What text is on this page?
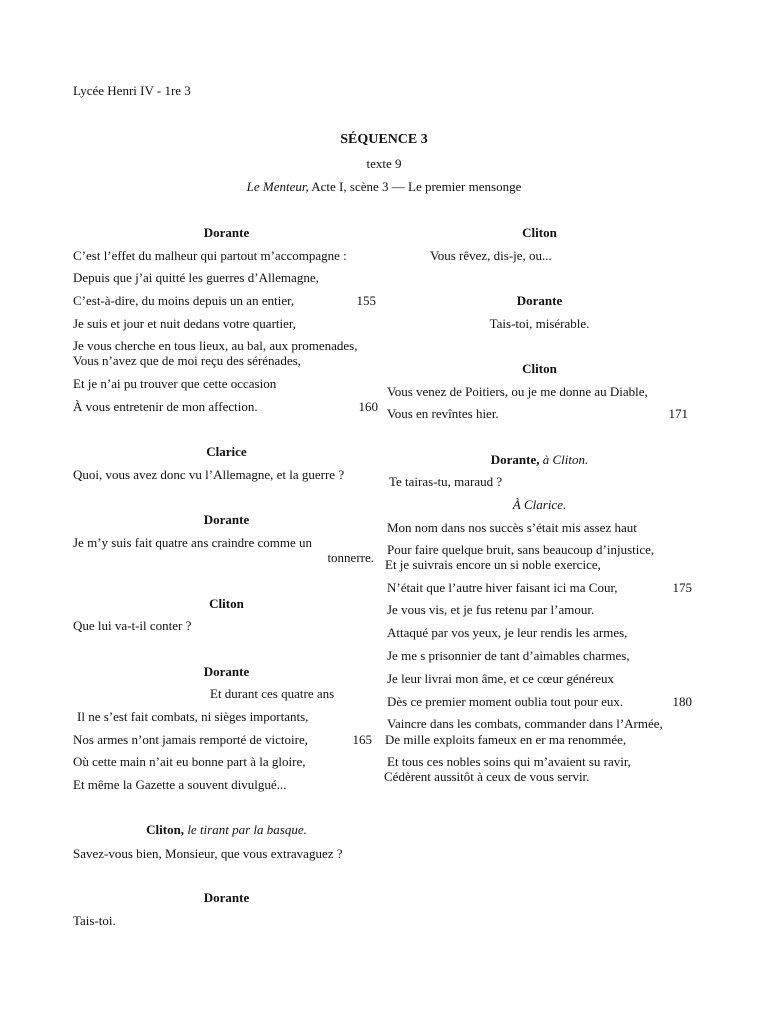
Lycée Henri IV - 1re 3
SÉQUENCE 3
texte 9
Le Menteur, Acte I, scène 3 — Le premier mensonge
Dorante
C’est l’effet du malheur qui partout m’accompagne :
Depuis que j’ai quitté les guerres d’Allemagne,
C’est-à-dire, du moins depuis un an entier,	155
Je suis et jour et nuit dedans votre quartier,
Je vous cherche en tous lieux, au bal, aux promenades,
Vous n’avez que de moi reçu des sérénades,
Et je n’ai pu trouver que cette occasion
À vous entretenir de mon affection.	160
Clarice
Quoi, vous avez donc vu l’Allemagne, et la guerre ?
Dorante
Je m’y suis fait quatre ans craindre comme un
tonnerre.
Cliton
Que lui va-t-il conter ?
Dorante
Et durant ces quatre ans
Il ne s’est fait combats, ni sièges importants,
Nos armes n’ont jamais remporté de victoire,	165
Où cette main n’ait eu bonne part à la gloire,
Et même la Gazette a souvent divulgué...
Cliton, le tirant par la basque.
Savez-vous bien, Monsieur, que vous extravaguez ?
Dorante
Tais-toi.
Cliton
Vous rêvez, dis-je, ou...
Dorante
Tais-toi, misérable.
Cliton
Vous venez de Poitiers, ou je me donne au Diable,
Vous en revîntes hier.	171
Dorante, à Cliton.
Te tairas-tu, maraud ?
À Clarice.
Mon nom dans nos succès s’était mis assez haut
Pour faire quelque bruit, sans beaucoup d’injustice,
Et je suivrais encore un si noble exercice,
N’était que l’autre hiver faisant ici ma Cour,	175
Je vous vis, et je fus retenu par l’amour.
Attaqué par vos yeux, je leur rendis les armes,
Je me s prisonnier de tant d’aimables charmes,
Je leur livrai mon âme, et ce cœur généreux
Dès ce premier moment oublia tout pour eux.	180
Vaincre dans les combats, commander dans l’Armée,
De mille exploits fameux en er ma renommée,
Et tous ces nobles soins qui m’avaient su ravir,
Cédèrent aussitôt à ceux de vous servir.
